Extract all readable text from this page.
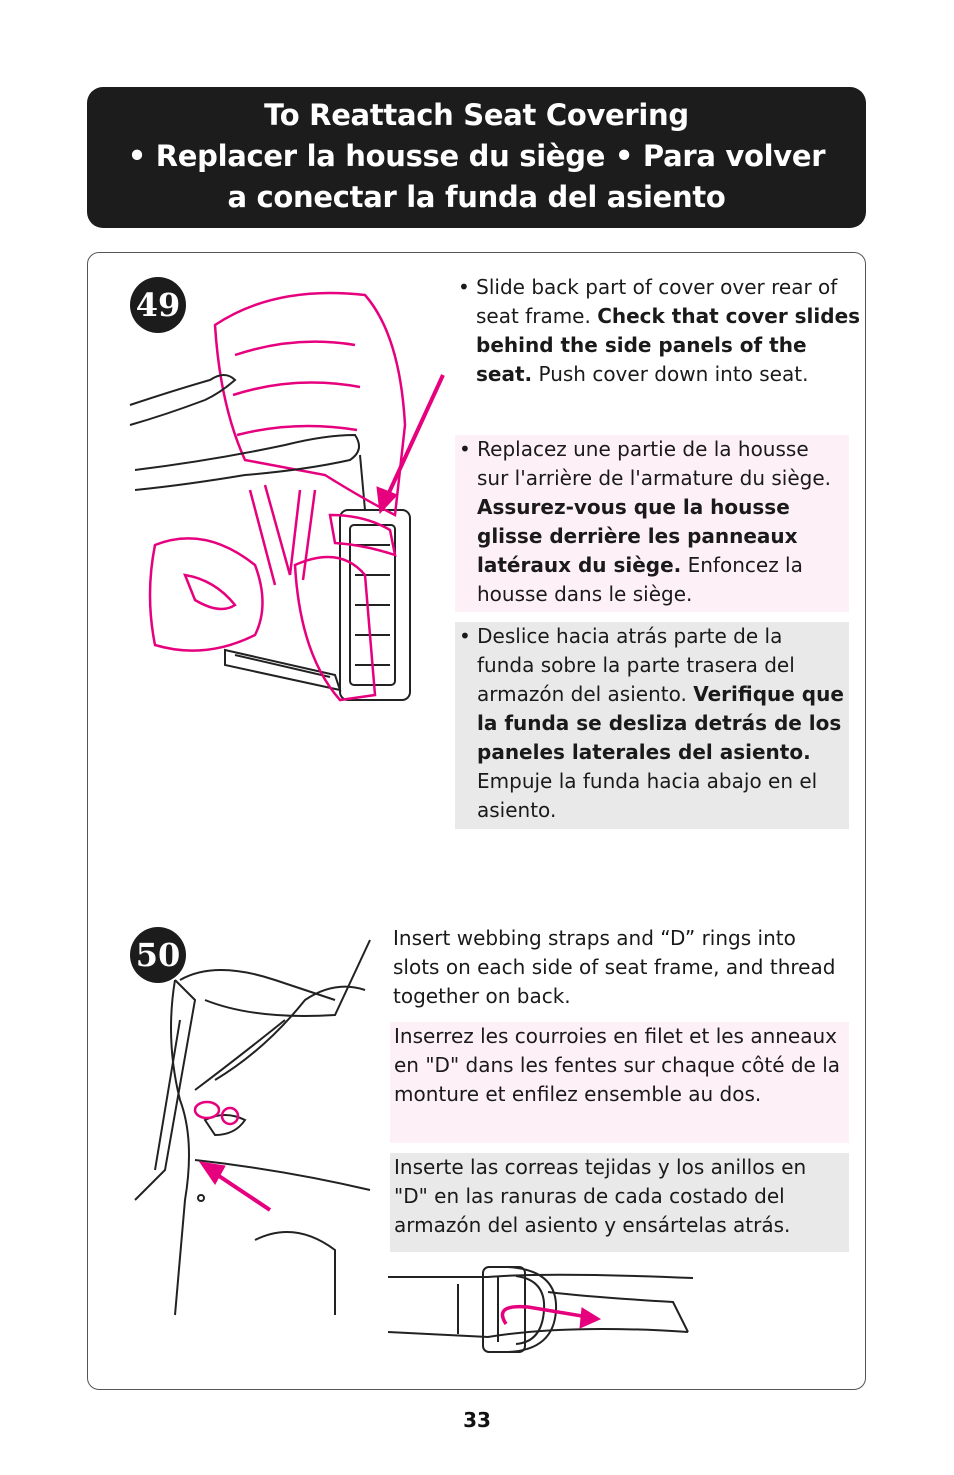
To Reattach Seat Covering
• Replacer la housse du siège • Para volver
a conectar la funda del asiento
49	• Slide back part of cover over rear of seat frame. Check that cover slides behind the side panels of the seat. Push cover down into seat.
• Replacez une partie de la housse sur l'arrière de l'armature du siège. Assurez-vous que la housse glisse derrière les panneaux latéraux du siège. Enfoncez la housse dans le siège.
• Deslice hacia atrás parte de la funda sobre la parte trasera del armazón del asiento. Verifique que la funda se desliza detrás de los paneles laterales del asiento. Empuje la funda hacia abajo en el asiento.
50	Insert webbing straps and “D” rings into slots on each side of seat frame, and thread together on back.
Inserrez les courroies en filet et les anneaux en "D" dans les fentes sur chaque côté de la monture et enfilez ensemble au dos.
Inserte las correas tejidas y los anillos en "D" en las ranuras de cada costado del armazón del asiento y ensártelas atrás.
33
